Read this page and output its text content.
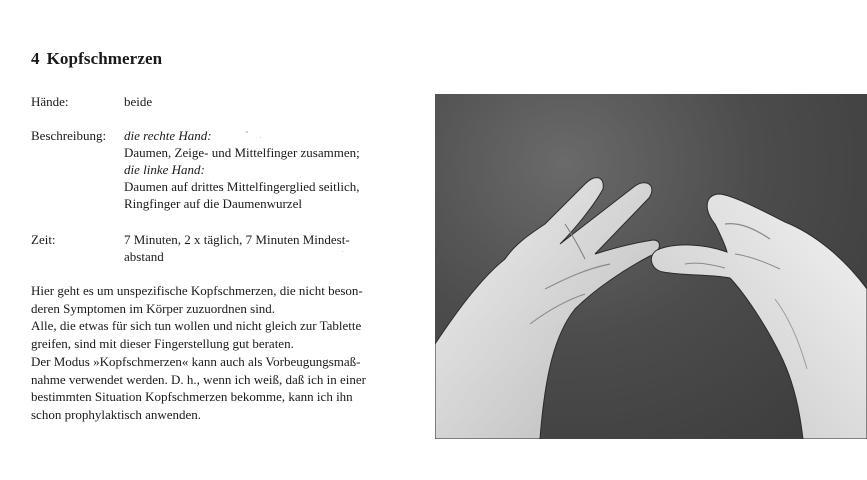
4 Kopfschmerzen
Hände:	beide
Beschreibung: die rechte Hand:
Daumen, Zeige- und Mittelfinger zusammen;
die linke Hand:
Daumen auf drittes Mittelfingerglied seitlich,
Ringfinger auf die Daumenwurzel
Zeit:	7 Minuten, 2 x täglich, 7 Minuten Mindest-
abstand
Hier geht es um unspezifische Kopfschmerzen, die nicht beson-
deren Symptomen im Körper zuzuordnen sind.
Alle, die etwas für sich tun wollen und nicht gleich zur Tablette
greifen, sind mit dieser Fingerstellung gut beraten.
Der Modus »Kopfschmerzen« kann auch als Vorbeugungsmaß-
nahme verwendet werden. D. h., wenn ich weiß, daß ich in einer
bestimmten Situation Kopfschmerzen bekomme, kann ich ihn
schon prophylaktisch anwenden.
